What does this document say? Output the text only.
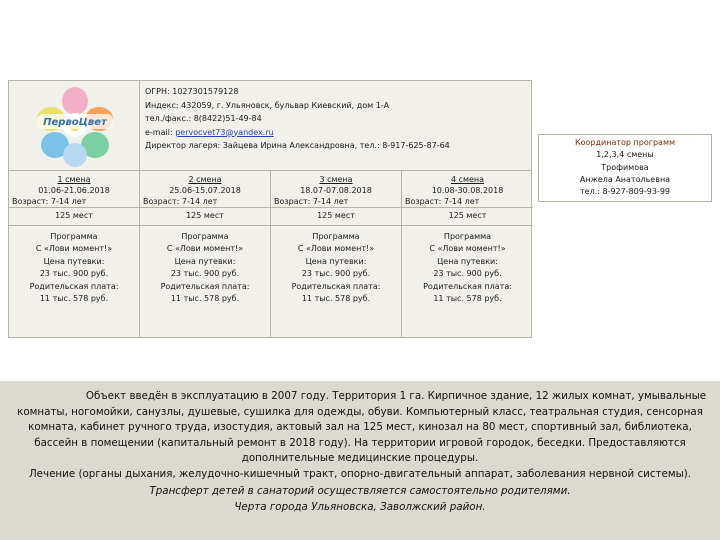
ПервоЦвет
ОГРН: 1027301579128
Индекс: 432059, г. Ульяновск, бульвар Киевский, дом 1-А
тел./факс.: 8(8422)51-49-84
e-mail: pervocvet73@yandex.ru
Директор лагеря: Зайцева Ирина Александровна, тел.: 8-917-625-87-64
1 смена
01.06-21.06.2018
Возраст: 7-14 лет
125 мест
Программа
С «Лови момент!»
Цена путевки:
23 тыс. 900 руб.
Родительская плата:
11 тыс. 578 руб.
2 смена
25.06-15.07.2018
Возраст: 7-14 лет
125 мест
Программа
С «Лови момент!»
Цена путевки:
23 тыс. 900 руб.
Родительская плата:
11 тыс. 578 руб.
3 смена
18.07-07.08.2018
Возраст: 7-14 лет
125 мест
Программа
С «Лови момент!»
Цена путевки:
23 тыс. 900 руб.
Родительская плата:
11 тыс. 578 руб.
4 смена
10.08-30.08.2018
Возраст: 7-14 лет
125 мест
Программа
С «Лови момент!»
Цена путевки:
23 тыс. 900 руб.
Родительская плата:
11 тыс. 578 руб.
Координатор программ
1,2,3,4 смены
Трофимова
Анжела Анатольевна
тел.: 8-927-809-93-99
Объект введён в эксплуатацию в 2007 году. Территория 1 га. Кирпичное здание, 12 жилых комнат, умывальные комнаты, ногомойки, санузлы, душевые, сушилка для одежды, обуви. Компьютерный класс, театральная студия, сенсорная комната, кабинет ручного труда, изостудия, актовый зал на 125 мест, кинозал на 80 мест, спортивный зал, библиотека, бассейн в помещении (капитальный ремонт в 2018 году). На территории игровой городок, беседки. Предоставляются дополнительные медицинские процедуры.
Лечение (органы дыхания, желудочно-кишечный тракт, опорно-двигательный аппарат, заболевания нервной системы).
Трансферт детей в санаторий осуществляется самостоятельно родителями.
Черта города Ульяновска, Заволжский район.
